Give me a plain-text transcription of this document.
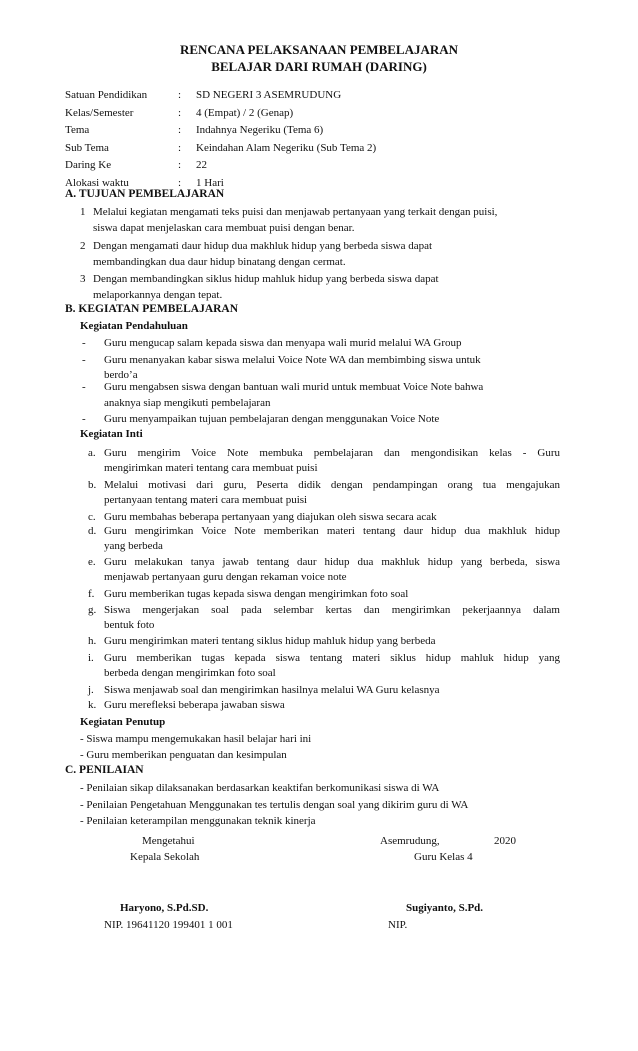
RENCANA PELAKSANAAN PEMBELAJARAN
BELAJAR DARI RUMAH (DARING)
Satuan Pendidikan	: SD NEGERI 3 ASEMRUDUNG
Kelas/Semester	: 4 (Empat) / 2 (Genap)
Tema	: Indahnya Negeriku (Tema 6)
Sub Tema	: Keindahan Alam Negeriku (Sub Tema 2)
Daring Ke	: 22
Alokasi waktu	: 1 Hari
A. TUJUAN PEMBELAJARAN
1 Melalui kegiatan mengamati teks puisi dan menjawab pertanyaan yang terkait dengan puisi,
siswa dapat menjelaskan cara membuat puisi dengan benar.
2 Dengan mengamati daur hidup dua makhluk hidup yang berbeda siswa dapat
membandingkan dua daur hidup binatang dengan cermat.
3 Dengan membandingkan siklus hidup mahluk hidup yang berbeda siswa dapat
melaporkannya dengan tepat.
B. KEGIATAN PEMBELAJARAN
Kegiatan Pendahuluan
- Guru mengucap salam kepada siswa dan menyapa wali murid melalui WA Group
- Guru menanyakan kabar siswa melalui Voice Note WA dan membimbing siswa untuk
berdo’a
- Guru mengabsen siswa dengan bantuan wali murid untuk membuat Voice Note bahwa
anaknya siap mengikuti pembelajaran
- Guru menyampaikan tujuan pembelajaran dengan menggunakan Voice Note
Kegiatan Inti
a. Guru mengirim Voice Note membuka pembelajaran dan mengondisikan kelas - Guru
mengirimkan materi tentang cara membuat puisi
b. Melalui motivasi dari guru, Peserta didik dengan pendampingan orang tua mengajukan
pertanyaan tentang materi cara membuat puisi
c. Guru membahas beberapa pertanyaan yang diajukan oleh siswa secara acak
d. Guru mengirimkan Voice Note memberikan materi tentang daur hidup dua makhluk hidup
yang berbeda
e. Guru melakukan tanya jawab tentang daur hidup dua makhluk hidup yang berbeda, siswa
menjawab pertanyaan guru dengan rekaman voice note
f. Guru memberikan tugas kepada siswa dengan mengirimkan foto soal
g. Siswa mengerjakan soal pada selembar kertas dan mengirimkan pekerjaannya dalam
bentuk foto
h. Guru mengirimkan materi tentang siklus hidup mahluk hidup yang berbeda
i. Guru memberikan tugas kepada siswa tentang materi siklus hidup mahluk hidup yang
berbeda dengan mengirimkan foto soal
j. Siswa menjawab soal dan mengirimkan hasilnya melalui WA Guru kelasnya
k. Guru merefleksi beberapa jawaban siswa
Kegiatan Penutup
- Siswa mampu mengemukakan hasil belajar hari ini
- Guru memberikan penguatan dan kesimpulan
C. PENILAIAN
- Penilaian sikap dilaksanakan berdasarkan keaktifan berkomunikasi siswa di WA
- Penilaian Pengetahuan Menggunakan tes tertulis dengan soal yang dikirim guru di WA
- Penilaian keterampilan menggunakan teknik kinerja
Mengetahui
Kepala Sekolah
Haryono, S.Pd.SD.
NIP. 19641120 199401 1 001
Asemrudung,	2020
Guru Kelas 4
Sugiyanto, S.Pd.
NIP.
